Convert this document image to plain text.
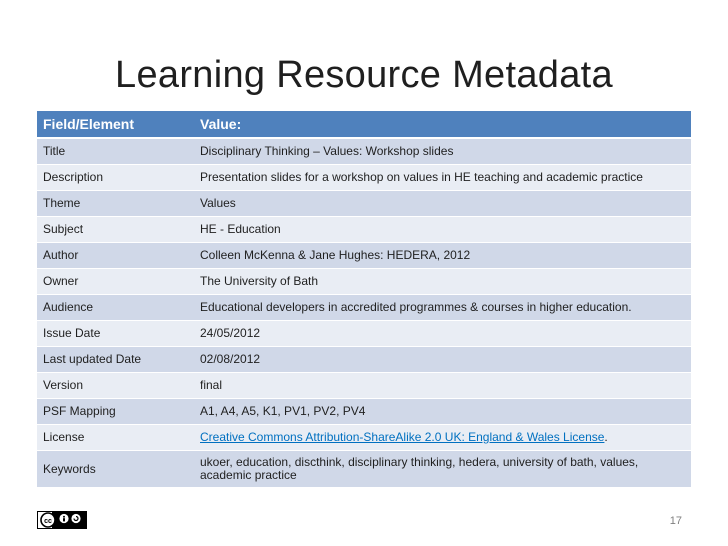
Learning Resource Metadata
Field/Element	Value:
Title	Disciplinary Thinking – Values: Workshop slides
Description	Presentation slides for a workshop on values in HE teaching and academic practice
Theme	Values
Subject	HE - Education
Author	Colleen McKenna & Jane Hughes: HEDERA, 2012
Owner	The University of Bath
Audience	Educational developers in accredited programmes & courses in higher education.
Issue Date	24/05/2012
Last updated Date	02/08/2012
Version	final
PSF Mapping	A1, A4, A5, K1, PV1, PV2, PV4
License	Creative Commons Attribution-ShareAlike 2.0 UK: England & Wales License.
Keywords	ukoer, education, discthink, disciplinary thinking, hedera, university of bath, values, academic practice
cc	17
